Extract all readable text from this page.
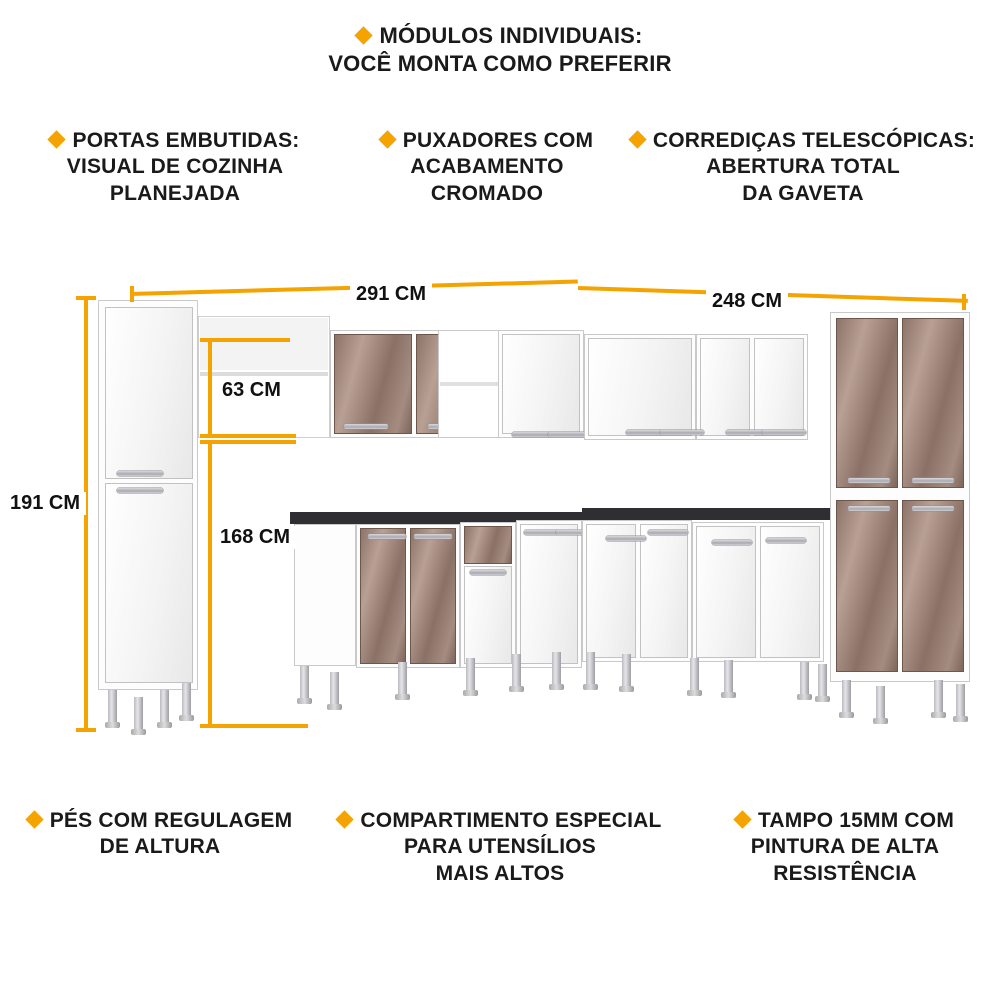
MÓDULOS INDIVIDUAIS:
VOCÊ MONTA COMO PREFERIR
PORTAS EMBUTIDAS:
VISUAL DE COZINHA
PLANEJADA
PUXADORES COM
ACABAMENTO
CROMADO
CORREDIÇAS TELESCÓPICAS:
ABERTURA TOTAL
DA GAVETA
PÉS COM REGULAGEM
DE ALTURA
COMPARTIMENTO ESPECIAL
PARA UTENSÍLIOS
MAIS ALTOS
TAMPO 15MM COM
PINTURA DE ALTA
RESISTÊNCIA
291 CM	248 CM
191 CM
63 CM
168 CM
